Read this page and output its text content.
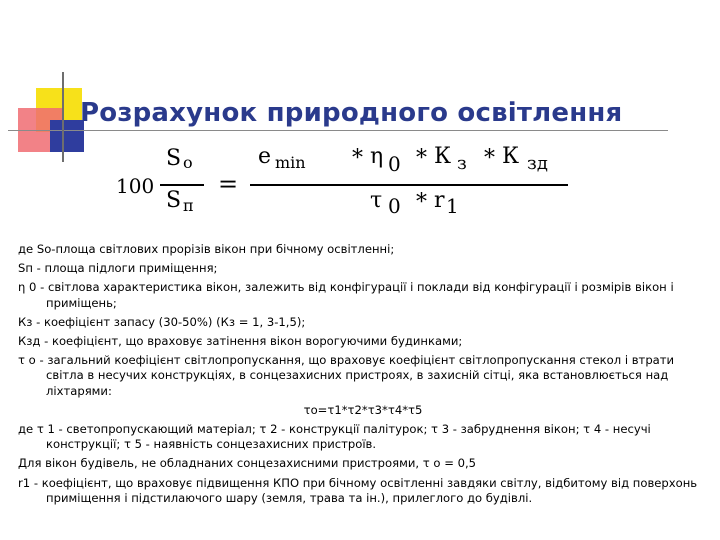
Розрахунок природного освітлення
100
S о
S п
=
e min * η 0 * К з * К зд
τ 0 * r 1

де Sо-площа світлових прорізів вікон при бічному освітленні;

Sп - площа підлоги приміщення;

η 0 - світлова характеристика вікон, залежить від конфігурації і поклади від конфігурації і розмірів вікон і приміщень;

Кз - коефіцієнт запасу (30-50%) (Кз = 1, 3-1,5);

Кзд - коефіцієнт, що враховує затінення вікон ворогуючими будинками;

τ о - загальний коефіцієнт світлопропускання, що враховує коефіцієнт світлопропускання стекол і втрати світла в несучих конструкціях, в сонцезахисних пристроях, в захисній сітці, яка встановлюється над ліхтарями:

τо=τ1*τ2*τ3*τ4*τ5

де τ 1 - светопропускающий матеріал; τ 2 - конструкції палітурок; τ 3 - забруднення вікон; τ 4 - несучі конструкції; τ 5 - наявність сонцезахисних пристроїв.

Для вікон будівель, не обладнаних сонцезахисними пристроями, τ о = 0,5

r1 - коефіцієнт, що враховує підвищення КПО при бічному освітленні завдяки світлу, відбитому від поверхонь приміщення і підстилаючого шару (земля, трава та ін.), прилеглого до будівлі.
